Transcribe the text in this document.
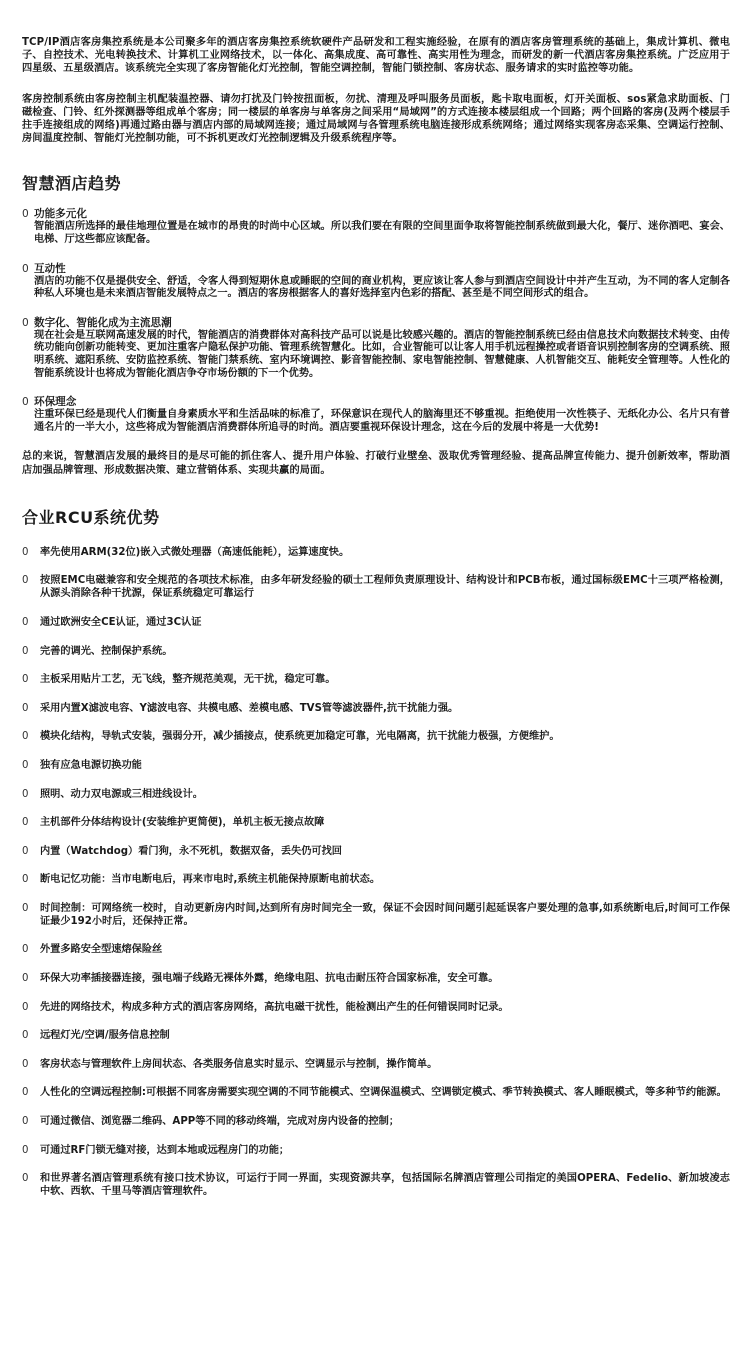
TCP/IP酒店客房集控系统是本公司聚多年的酒店客房集控系统软硬件产品研发和工程实施经验，在原有的酒店客房管理系统的基础上，集成计算机、微电子、自控技术、光电转换技术、计算机工业网络技术，以一体化、高集成度、高可靠性、高实用性为理念，而研发的新一代酒店客房集控系统。广泛应用于四星级、五星级酒店。该系统完全实现了客房智能化灯光控制，智能空调控制，智能门锁控制、客房状态、服务请求的实时监控等功能。

客房控制系统由客房控制主机配装温控器、请勿打扰及门铃按扭面板，勿扰、清理及呼叫服务员面板，匙卡取电面板，灯开关面板、sos紧急求助面板、门磁检查、门铃、红外探测器等组成单个客房；同一楼层的单客房与单客房之间采用“局域网”的方式连接本楼层组成一个回路；两个回路的客房(及两个楼层手拄手连接组成的网络)再通过路由器与酒店内部的局域网连接；通过局域网与各管理系统电脑连接形成系统网络；通过网络实现客房态采集、空调运行控制、房间温度控制、智能灯光控制功能，可不拆机更改灯光控制逻辑及升级系统程序等。

智慧酒店趋势
0 功能多元化
智能酒店所选择的最佳地理位置是在城市的昂贵的时尚中心区域。所以我们要在有限的空间里面争取将智能控制系统做到最大化，餐厅、迷你酒吧、宴会、电梯、厅这些都应该配备。
0 互动性
酒店的功能不仅是提供安全、舒适，令客人得到短期休息或睡眠的空间的商业机构，更应该让客人参与到酒店空间设计中并产生互动，为不同的客人定制各种私人环境也是未来酒店智能发展特点之一。酒店的客房根据客人的喜好选择室内色彩的搭配、甚至是不同空间形式的组合。
0 数字化、智能化成为主流思潮
现在社会是互联网高速发展的时代，智能酒店的消费群体对高科技产品可以说是比较感兴趣的。酒店的智能控制系统已经由信息技术向数据技术转变、由传统功能向创新功能转变、更加注重客户隐私保护功能、管理系统智慧化。比如，合业智能可以让客人用手机远程操控或者语音识别控制客房的空调系统、照明系统、遮阳系统、安防监控系统、智能门禁系统、室内环境调控、影音智能控制、家电智能控制、智慧健康、人机智能交互、能耗安全管理等。人性化的智能系统设计也将成为智能化酒店争夺市场份额的下一个优势。
0 环保理念
注重环保已经是现代人们衡量自身素质水平和生活品味的标准了，环保意识在现代人的脑海里还不够重视。拒绝使用一次性筷子、无纸化办公、名片只有普通名片的一半大小，这些将成为智能酒店消费群体所追寻的时尚。酒店要重视环保设计理念，这在今后的发展中将是一大优势!

总的来说，智慧酒店发展的最终目的是尽可能的抓住客人、提升用户体验、打破行业壁垒、汲取优秀管理经验、提高品牌宣传能力、提升创新效率，帮助酒店加强品牌管理、形成数据决策、建立营销体系、实现共赢的局面。

合业RCU系统优势
0	率先使用ARM(32位)嵌入式微处理器（高速低能耗），运算速度快。
0	按照EMC电磁兼容和安全规范的各项技术标准，由多年研发经验的硕士工程师负责原理设计、结构设计和PCB布板，通过国标级EMC十三项严格检测，从源头消除各种干扰源，保证系统稳定可靠运行
0	通过欧洲安全CE认证，通过3C认证
0	完善的调光、控制保护系统。
0	主板采用贴片工艺，无飞线，整齐规范美观，无干扰，稳定可靠。
0	采用内置X滤波电容、Y滤波电容、共模电感、差模电感、TVS管等滤波器件,抗干扰能力强。
0	模块化结构，导轨式安装，强弱分开，减少插接点，使系统更加稳定可靠，光电隔离，抗干扰能力极强，方便维护。
0	独有应急电源切换功能
0	照明、动力双电源或三相进线设计。
0	主机部件分体结构设计(安装维护更简便)，单机主板无接点故障
0	内置（Watchdog）看门狗，永不死机，数据双备，丢失仍可找回
0	断电记忆功能：当市电断电后，再来市电时,系统主机能保持原断电前状态。
0	时间控制：可网络统一校时，自动更新房内时间,达到所有房时间完全一致，保证不会因时间问题引起延误客户要处理的急事,如系统断电后,时间可工作保证最少192小时后，还保持正常。
0	外置多路安全型速熔保险丝
0	环保大功率插接器连接，强电端子线路无裸体外露，绝缘电阻、抗电击耐压符合国家标准，安全可靠。
0	先进的网络技术，构成多种方式的酒店客房网络，高抗电磁干扰性，能检测出产生的任何错误同时记录。
0	远程灯光/空调/服务信息控制
0	客房状态与管理软件上房间状态、各类服务信息实时显示、空调显示与控制，操作简单。
0	人性化的空调远程控制:可根据不同客房需要实现空调的不同节能模式、空调保温模式、空调锁定模式、季节转换模式、客人睡眠模式，等多种节约能源。
0	可通过微信、浏览器二维码、APP等不同的移动终端，完成对房内设备的控制；
0	可通过RF门锁无缝对接，达到本地或远程房门的功能；
0	和世界著名酒店管理系统有接口技术协议，可运行于同一界面，实现资源共享，包括国际名牌酒店管理公司指定的美国OPERA、Fedelio、新加坡凌志中软、西软、千里马等酒店管理软件。
